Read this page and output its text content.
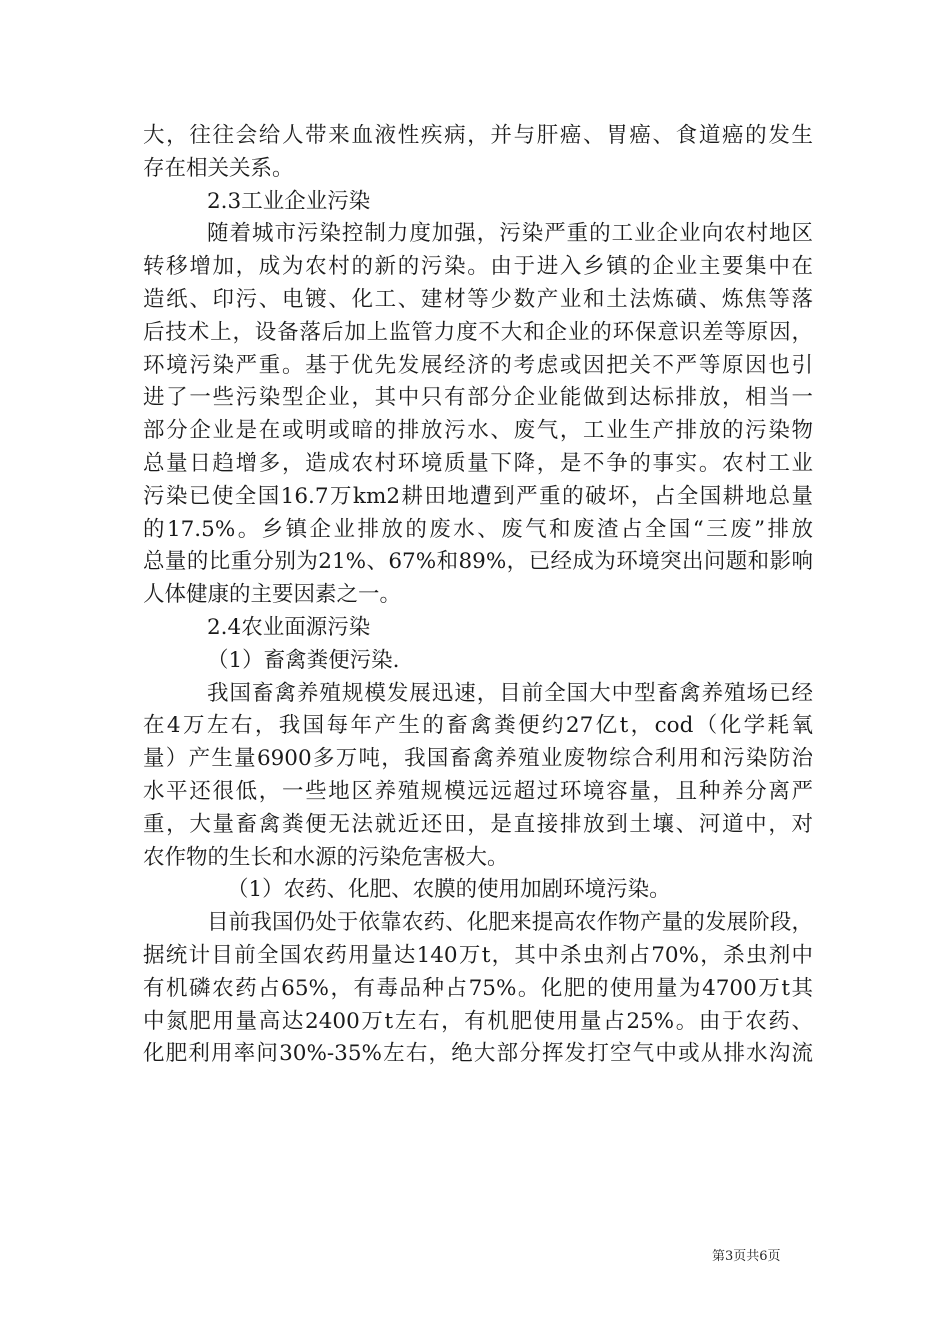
大，往往会给人带来血液性疾病，并与肝癌、胃癌、食道癌的发生
存在相关关系。
2.3工业企业污染
随着城市污染控制力度加强，污染严重的工业企业向农村地区
转移增加，成为农村的新的污染。由于进入乡镇的企业主要集中在
造纸、印污、电镀、化工、建材等少数产业和土法炼磺、炼焦等落
后技术上，设备落后加上监管力度不大和企业的环保意识差等原因，
环境污染严重。基于优先发展经济的考虑或因把关不严等原因也引
进了一些污染型企业，其中只有部分企业能做到达标排放，相当一
部分企业是在或明或暗的排放污水、废气，工业生产排放的污染物
总量日趋增多，造成农村环境质量下降，是不争的事实。农村工业
污染已使全国16.7万km2耕田地遭到严重的破坏，占全国耕地总量
的17.5%。乡镇企业排放的废水、废气和废渣占全国“三废”排放
总量的比重分别为21%、67%和89%，已经成为环境突出问题和影响
人体健康的主要因素之一。
2.4农业面源污染
（1）畜禽粪便污染.
我国畜禽养殖规模发展迅速，目前全国大中型畜禽养殖场已经
在4万左右，我国每年产生的畜禽粪便约27亿t，cod（化学耗氧
量）产生量6900多万吨，我国畜禽养殖业废物综合利用和污染防治
水平还很低，一些地区养殖规模远远超过环境容量，且种养分离严
重，大量畜禽粪便无法就近还田，是直接排放到土壤、河道中，对
农作物的生长和水源的污染危害极大。
（1）农药、化肥、农膜的使用加剧环境污染。
目前我国仍处于依靠农药、化肥来提高农作物产量的发展阶段，
据统计目前全国农药用量达140万t，其中杀虫剂占70%，杀虫剂中
有机磷农药占65%，有毒品种占75%。化肥的使用量为4700万t其
中氮肥用量高达2400万t左右，有机肥使用量占25%。由于农药、
化肥利用率问30%-35%左右，绝大部分挥发打空气中或从排水沟流
第3页共6页
